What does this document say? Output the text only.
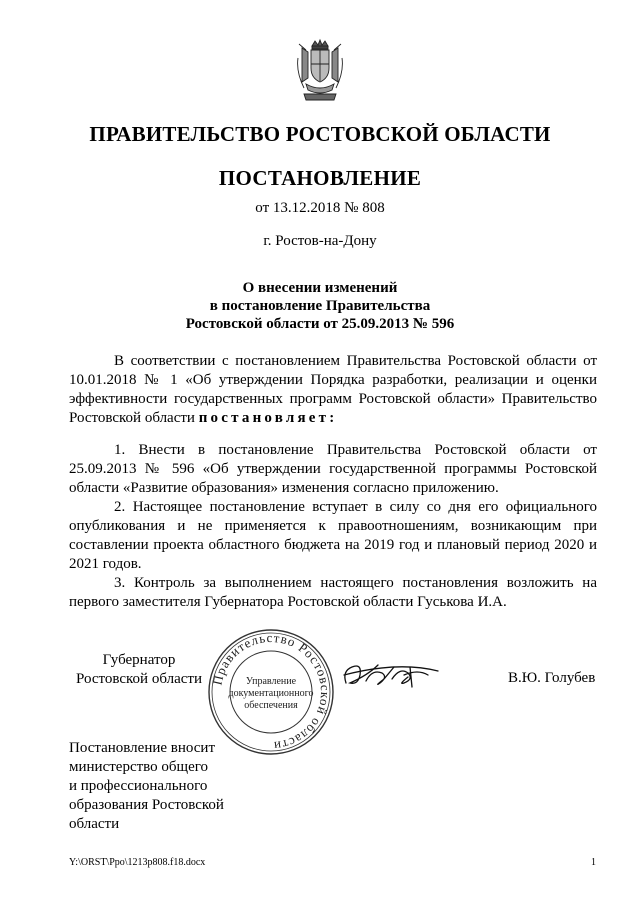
ПРАВИТЕЛЬСТВО РОСТОВСКОЙ ОБЛАСТИ
ПОСТАНОВЛЕНИЕ
от 13.12.2018 № 808
г. Ростов-на-Дону
О внесении изменений
в постановление Правительства
Ростовской области от 25.09.2013 № 596

В соответствии с постановлением Правительства Ростовской области от 10.01.2018 № 1 «Об утверждении Порядка разработки, реализации и оценки эффективности государственных программ Ростовской области» Правительство Ростовской области постановляет:

1. Внести в постановление Правительства Ростовской области от 25.09.2013 № 596 «Об утверждении государственной программы Ростовской области «Развитие образования» изменения согласно приложению.

2. Настоящее постановление вступает в силу со дня его официального опубликования и не применяется к правоотношениям, возникающим при составлении проекта областного бюджета на 2019 год и плановый период 2020 и 2021 годов.

3. Контроль за выполнением настоящего постановления возложить на первого заместителя Губернатора Ростовской области Гуськова И.А.

Губернатор
Ростовской области Правительство Ростовской области
Управление
документационного
обеспечения
В.Ю. Голубев
Постановление вносит
министерство общего
и профессионального
образования Ростовской
области
Y:\ORST\Ppo\1213p808.f18.docx	1
